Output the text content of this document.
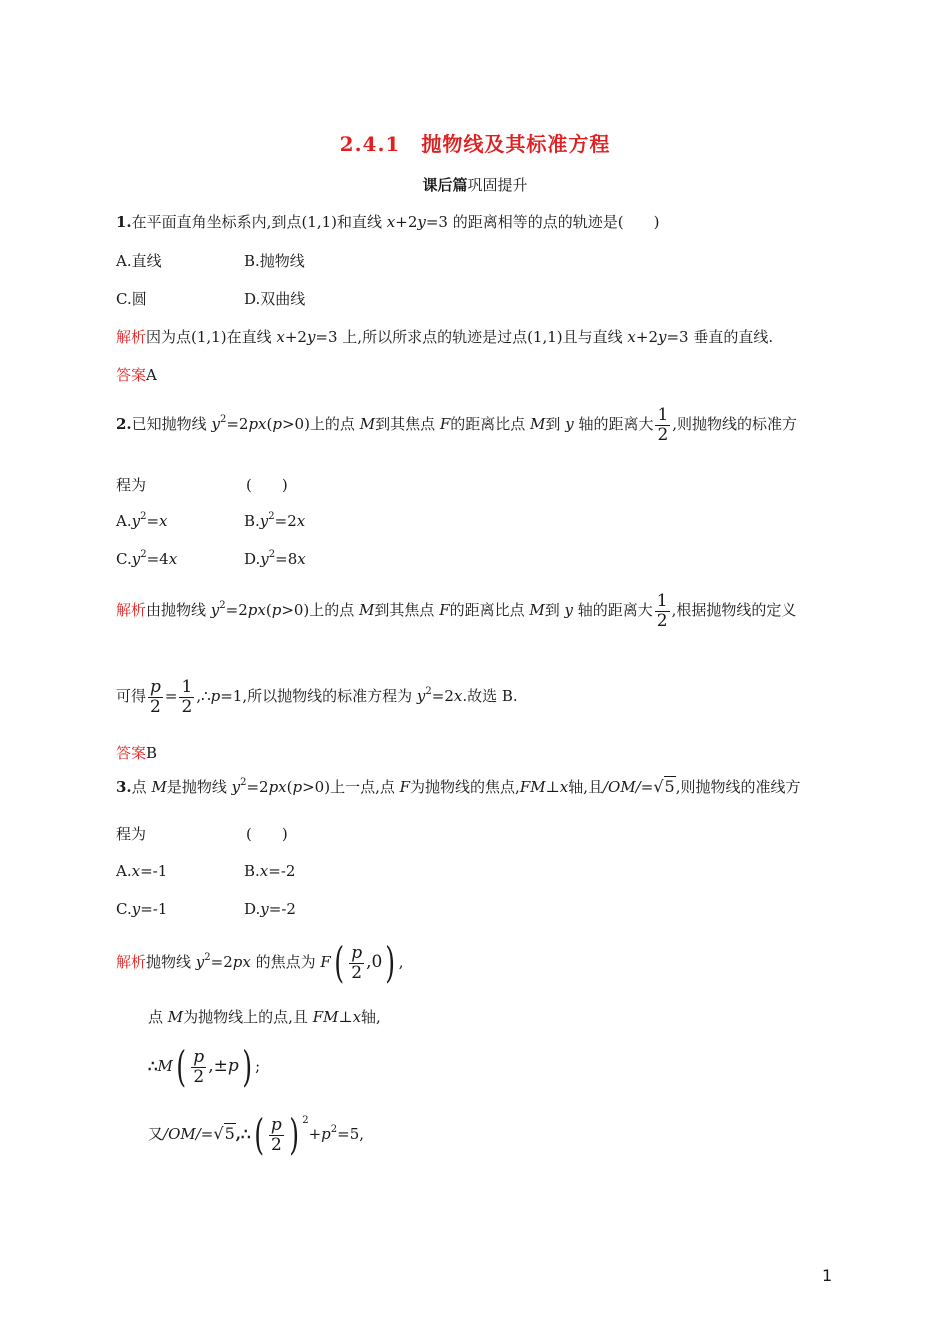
2.4.1　抛物线及其标准方程
课后篇巩固提升
1.在平面直角坐标系内,到点(1,1)和直线 x+2y=3 的距离相等的点的轨迹是(　　)
A.直线	B.抛物线
C.圆	D.双曲线
解析因为点(1,1)在直线 x+2y=3 上,所以所求点的轨迹是过点(1,1)且与直线 x+2y=3 垂直的直线.
答案A
2.已知抛物线 $y^2=2px(p>0)$上的点 M到其焦点 F的距离比点 M到 y 轴的距离大 $\frac{1}{2}$ ,则抛物线的标准方
程为	(　　)
$A.y^2=x$	$B.y^2=2x$
$C.y^2=4x$	$D.y^2=8x$
解析由抛物线 $y^2=2px(p>0)$上的点 M到其焦点 F的距离比点 M到 y 轴的距离大 $\frac{1}{2}$ ,根据抛物线的定义
可得 $\frac{p}{2} = \frac{1}{2}$ ,∴p=1,所以抛物线的标准方程为 $y^2=2x$.故选 B.
答案B
3.点 M是抛物线 $y^2=2px(p>0)$上一点,点 F为抛物线的焦点,FM⊥x轴,且/OM/=√5,则抛物线的准线方
程为	(　　)
A.x=-1	B.x=-2
C.y=-1	D.y=-2
解析抛物线 $y^2=2px$ 的焦点为 $F( \frac{p}{2} ,0)$ ,
点 M为抛物线上的点,且 FM⊥x轴,
∴M( $\frac{p}{2} ,\pm p$) ;
又/OM/=√5,∴( $\frac{p}{2}$ ) $^2+p^2=5$,
1
